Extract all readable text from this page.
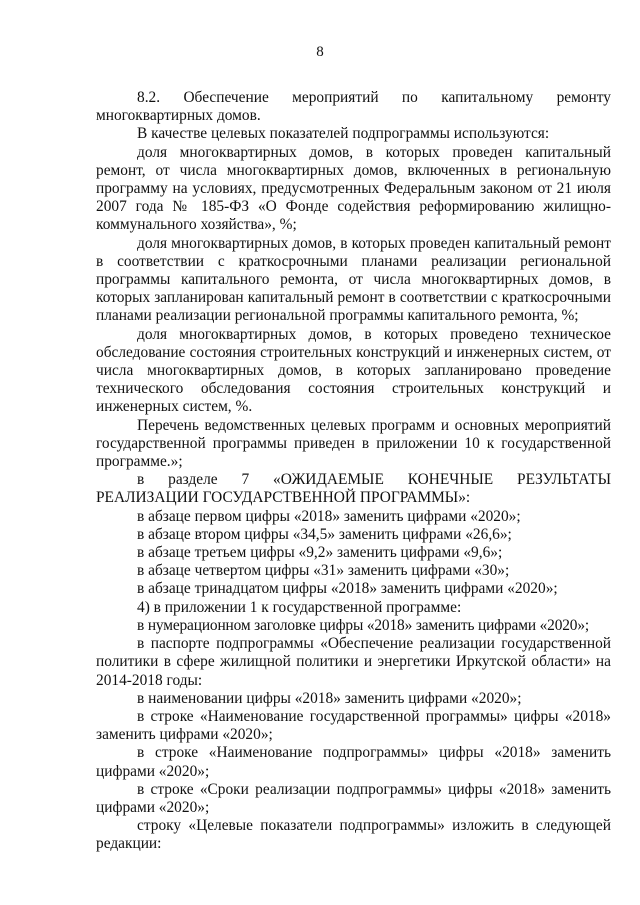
8

8.2. Обеспечение мероприятий по капитальному ремонту многоквартирных домов.

В качестве целевых показателей подпрограммы используются:

доля многоквартирных домов, в которых проведен капитальный ремонт, от числа многоквартирных домов, включенных в региональную программу на условиях, предусмотренных Федеральным законом от 21 июля 2007 года № 185-ФЗ «О Фонде содействия реформированию жилищно-коммунального хозяйства», %;

доля многоквартирных домов, в которых проведен капитальный ремонт в соответствии с краткосрочными планами реализации региональной программы капитального ремонта, от числа многоквартирных домов, в которых запланирован капитальный ремонт в соответствии с краткосрочными планами реализации региональной программы капитального ремонта, %;

доля многоквартирных домов, в которых проведено техническое обследование состояния строительных конструкций и инженерных систем, от числа многоквартирных домов, в которых запланировано проведение технического обследования состояния строительных конструкций и инженерных систем, %.

Перечень ведомственных целевых программ и основных мероприятий государственной программы приведен в приложении 10 к государственной программе.»;

в разделе 7 «ОЖИДАЕМЫЕ КОНЕЧНЫЕ РЕЗУЛЬТАТЫ РЕАЛИЗАЦИИ ГОСУДАРСТВЕННОЙ ПРОГРАММЫ»:

в абзаце первом цифры «2018» заменить цифрами «2020»;

в абзаце втором цифры «34,5» заменить цифрами «26,6»;

в абзаце третьем цифры «9,2» заменить цифрами «9,6»;

в абзаце четвертом цифры «31» заменить цифрами «30»;

в абзаце тринадцатом цифры «2018» заменить цифрами «2020»;

4) в приложении 1 к государственной программе:

в нумерационном заголовке цифры «2018» заменить цифрами «2020»;

в паспорте подпрограммы «Обеспечение реализации государственной политики в сфере жилищной политики и энергетики Иркутской области» на 2014-2018 годы:

в наименовании цифры «2018» заменить цифрами «2020»;

в строке «Наименование государственной программы» цифры «2018» заменить цифрами «2020»;

в строке «Наименование подпрограммы» цифры «2018» заменить цифрами «2020»;

в строке «Сроки реализации подпрограммы» цифры «2018» заменить цифрами «2020»;

строку «Целевые показатели подпрограммы» изложить в следующей редакции:
